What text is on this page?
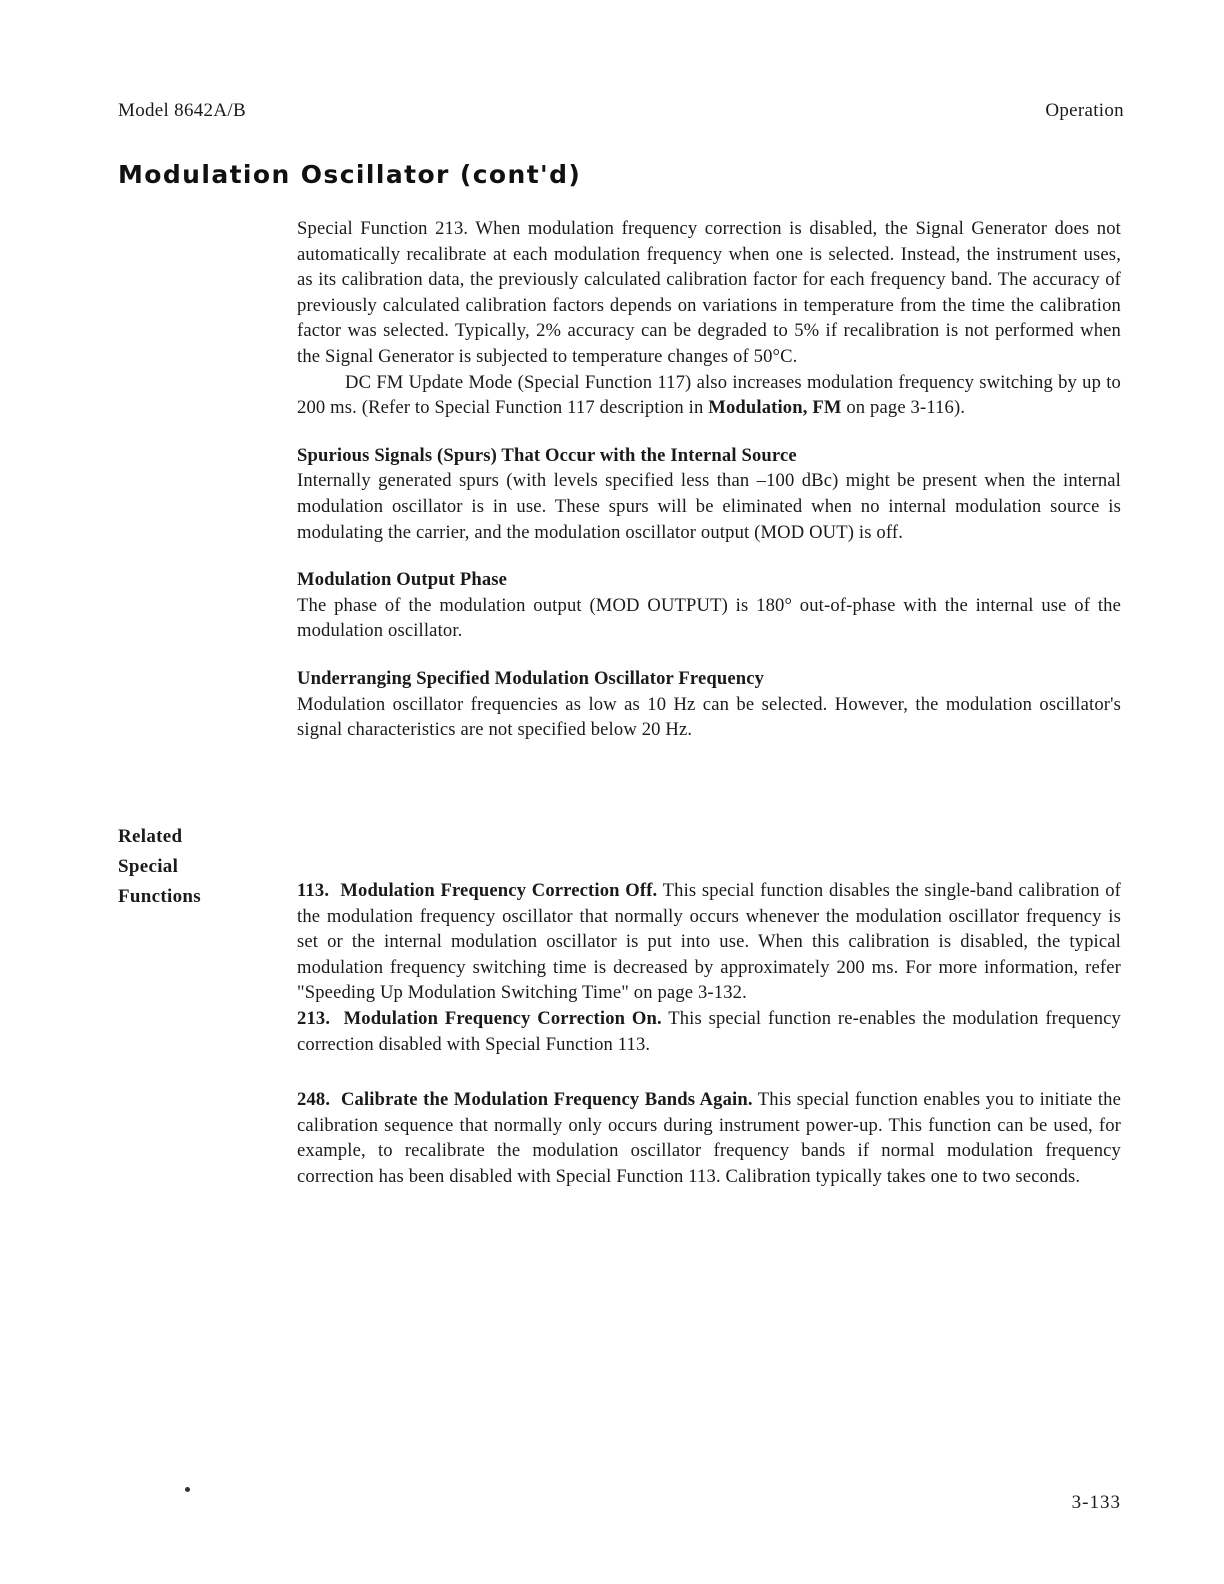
Model 8642A/B	Operation
Modulation Oscillator (cont'd)

Special Function 213. When modulation frequency correction is disabled, the Signal Generator does not automatically recalibrate at each modulation frequency when one is selected. Instead, the instrument uses, as its calibration data, the previously calculated calibration factor for each frequency band. The accuracy of previously calculated calibration factors depends on variations in temperature from the time the calibration factor was selected. Typically, 2% accuracy can be degraded to 5% if recalibration is not performed when the Signal Generator is subjected to temperature changes of 50°C.

DC FM Update Mode (Special Function 117) also increases modulation frequency switching by up to 200 ms. (Refer to Special Function 117 description in Modulation, FM on page 3-116).

Spurious Signals (Spurs) That Occur with the Internal Source

Internally generated spurs (with levels specified less than –100 dBc) might be present when the internal modulation oscillator is in use. These spurs will be eliminated when no internal modulation source is modulating the carrier, and the modulation oscillator output (MOD OUT) is off.

Modulation Output Phase

The phase of the modulation output (MOD OUTPUT) is 180° out-of-phase with the internal use of the modulation oscillator.

Underranging Specified Modulation Oscillator Frequency

Modulation oscillator frequencies as low as 10 Hz can be selected. However, the modulation oscillator's signal characteristics are not specified below 20 Hz.

Related
Special
Functions	113. Modulation Frequency Correction Off. This special function disables the single-band calibration of the modulation frequency oscillator that normally occurs whenever the modulation oscillator frequency is set or the internal modulation oscillator is put into use. When this calibration is disabled, the typical modulation frequency switching time is decreased by approximately 200 ms. For more information, refer "Speeding Up Modulation Switching Time" on page 3-132.

213. Modulation Frequency Correction On. This special function re-enables the modulation frequency correction disabled with Special Function 113.

248. Calibrate the Modulation Frequency Bands Again. This special function enables you to initiate the calibration sequence that normally only occurs during instrument power-up. This function can be used, for example, to recalibrate the modulation oscillator frequency bands if normal modulation frequency correction has been disabled with Special Function 113. Calibration typically takes one to two seconds.

3-133
